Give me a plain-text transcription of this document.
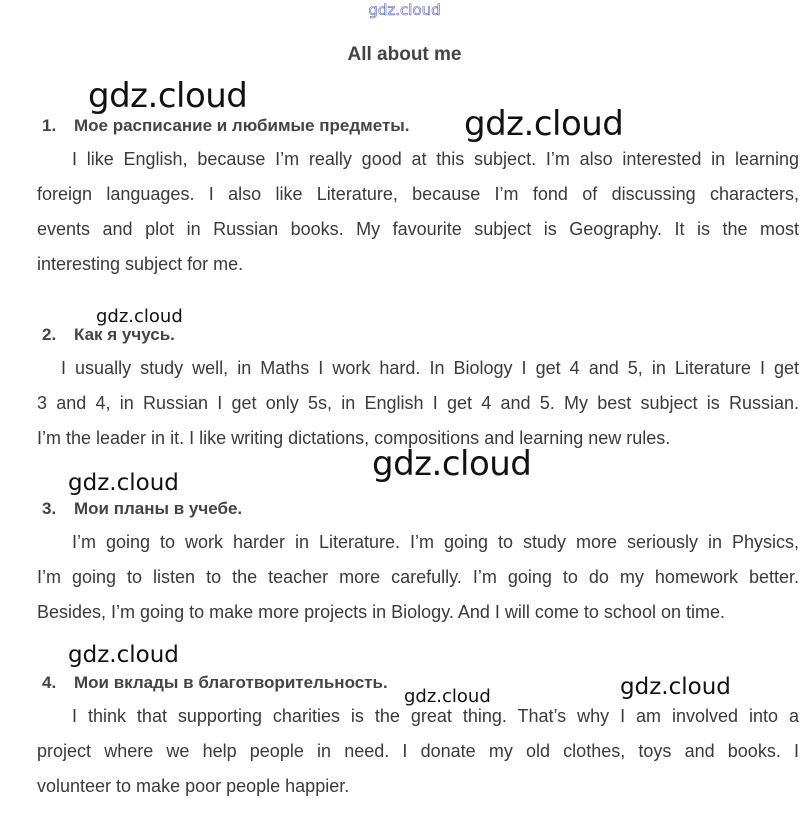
gdz.cloud
All about me
1. Мое расписание и любимые предметы.
I like English, because I’m really good at this subject. I’m also interested in learning
foreign languages. I also like Literature, because I’m fond of discussing characters,
events and plot in Russian books. My favourite subject is Geography. It is the most
interesting subject for me.
2. Как я учусь.
I usually study well, in Maths I work hard. In Biology I get 4 and 5, in Literature I get
3 and 4, in Russian I get only 5s, in English I get 4 and 5. My best subject is Russian.
I’m the leader in it. I like writing dictations, compositions and learning new rules.
3. Мои планы в учебе.
I’m going to work harder in Literature. I’m going to study more seriously in Physics,
I’m going to listen to the teacher more carefully. I’m going to do my homework better.
Besides, I’m going to make more projects in Biology. And I will come to school on time.
4. Мои вклады в благотворительность.
I think that supporting charities is the great thing. That’s why I am involved into a
project where we help people in need. I donate my old clothes, toys and books. I
volunteer to make poor people happier.
gdz.cloud
gdz.cloud
gdz.cloud
gdz.cloud
gdz.cloud
gdz.cloud
gdz.cloud
gdz.cloud
